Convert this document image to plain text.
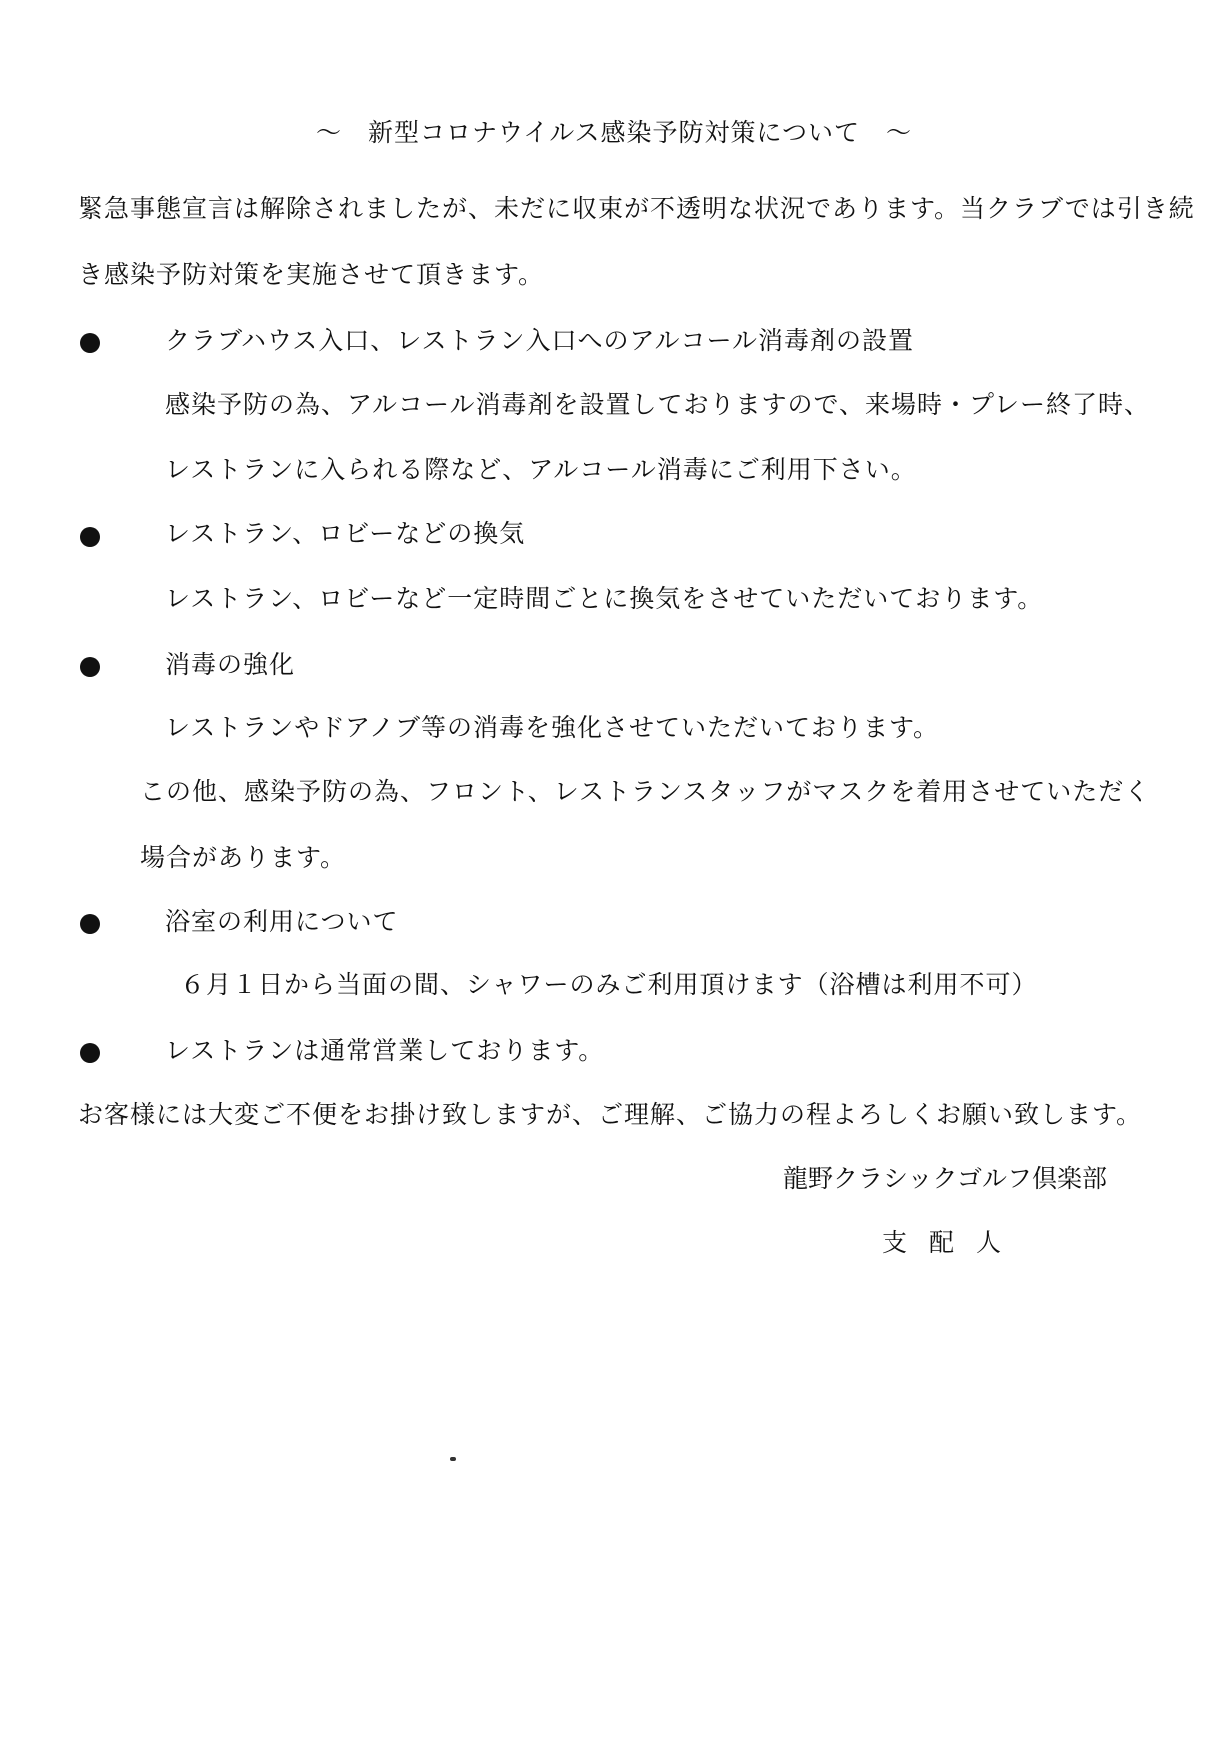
～　新型コロナウイルス感染予防対策について　～
緊急事態宣言は解除されましたが、未だに収束が不透明な状況であります。当クラブでは引き続
き感染予防対策を実施させて頂きます。
クラブハウス入口、レストラン入口へのアルコール消毒剤の設置
感染予防の為、アルコール消毒剤を設置しておりますので、来場時・プレー終了時、
レストランに入られる際など、アルコール消毒にご利用下さい。
レストラン、ロビーなどの換気
レストラン、ロビーなど一定時間ごとに換気をさせていただいております。
消毒の強化
レストランやドアノブ等の消毒を強化させていただいております。
この他、感染予防の為、フロント、レストランスタッフがマスクを着用させていただく
場合があります。
浴室の利用について
６月１日から当面の間、シャワーのみご利用頂けます（浴槽は利用不可）
レストランは通常営業しております。
お客様には大変ご不便をお掛け致しますが、ご理解、ご協力の程よろしくお願い致します。
龍野クラシックゴルフ倶楽部
支配人
